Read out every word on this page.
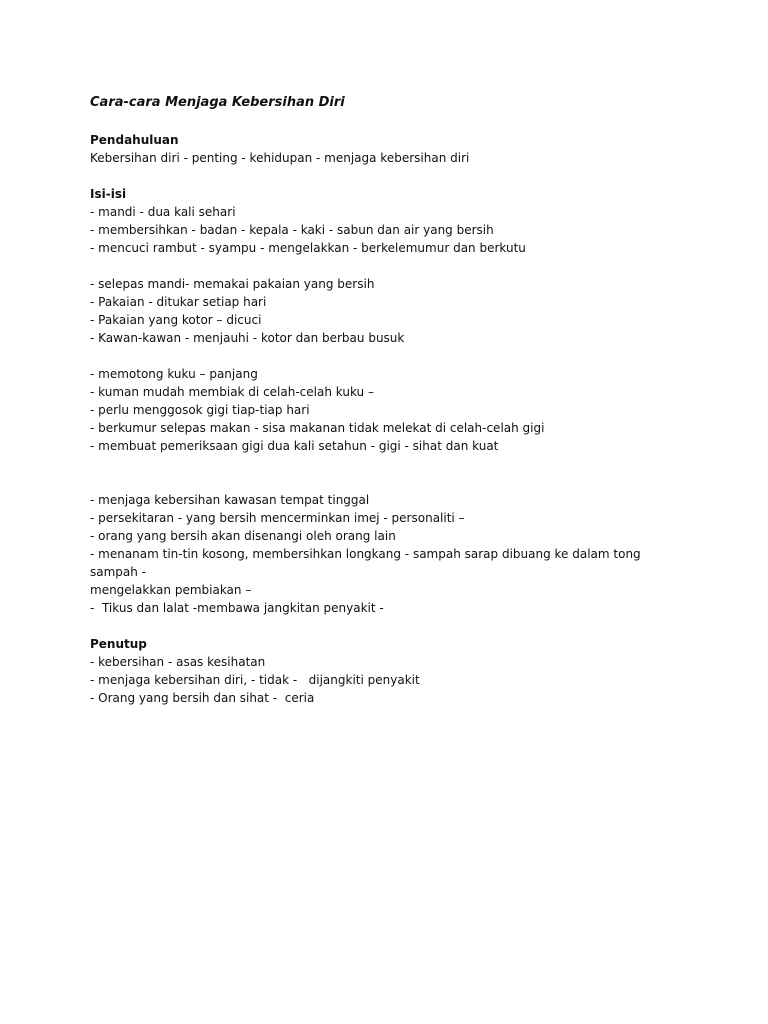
Cara-cara Menjaga Kebersihan Diri
Pendahuluan
Kebersihan diri - penting - kehidupan - menjaga kebersihan diri
Isi-isi
- mandi - dua kali sehari
- membersihkan - badan - kepala - kaki - sabun dan air yang bersih
- mencuci rambut - syampu - mengelakkan - berkelemumur dan berkutu
- selepas mandi- memakai pakaian yang bersih
- Pakaian - ditukar setiap hari
- Pakaian yang kotor – dicuci
- Kawan-kawan - menjauhi - kotor dan berbau busuk
- memotong kuku – panjang
- kuman mudah membiak di celah-celah kuku –
- perlu menggosok gigi tiap-tiap hari
- berkumur selepas makan - sisa makanan tidak melekat di celah-celah gigi
- membuat pemeriksaan gigi dua kali setahun - gigi - sihat dan kuat
- menjaga kebersihan kawasan tempat tinggal
- persekitaran - yang bersih mencerminkan imej - personaliti –
- orang yang bersih akan disenangi oleh orang lain
- menanam tin-tin kosong, membersihkan longkang - sampah sarap dibuang ke dalam tong sampah -
mengelakkan pembiakan –
-  Tikus dan lalat -membawa jangkitan penyakit -
Penutup
- kebersihan - asas kesihatan
- menjaga kebersihan diri, - tidak -   dijangkiti penyakit
- Orang yang bersih dan sihat -  ceria
